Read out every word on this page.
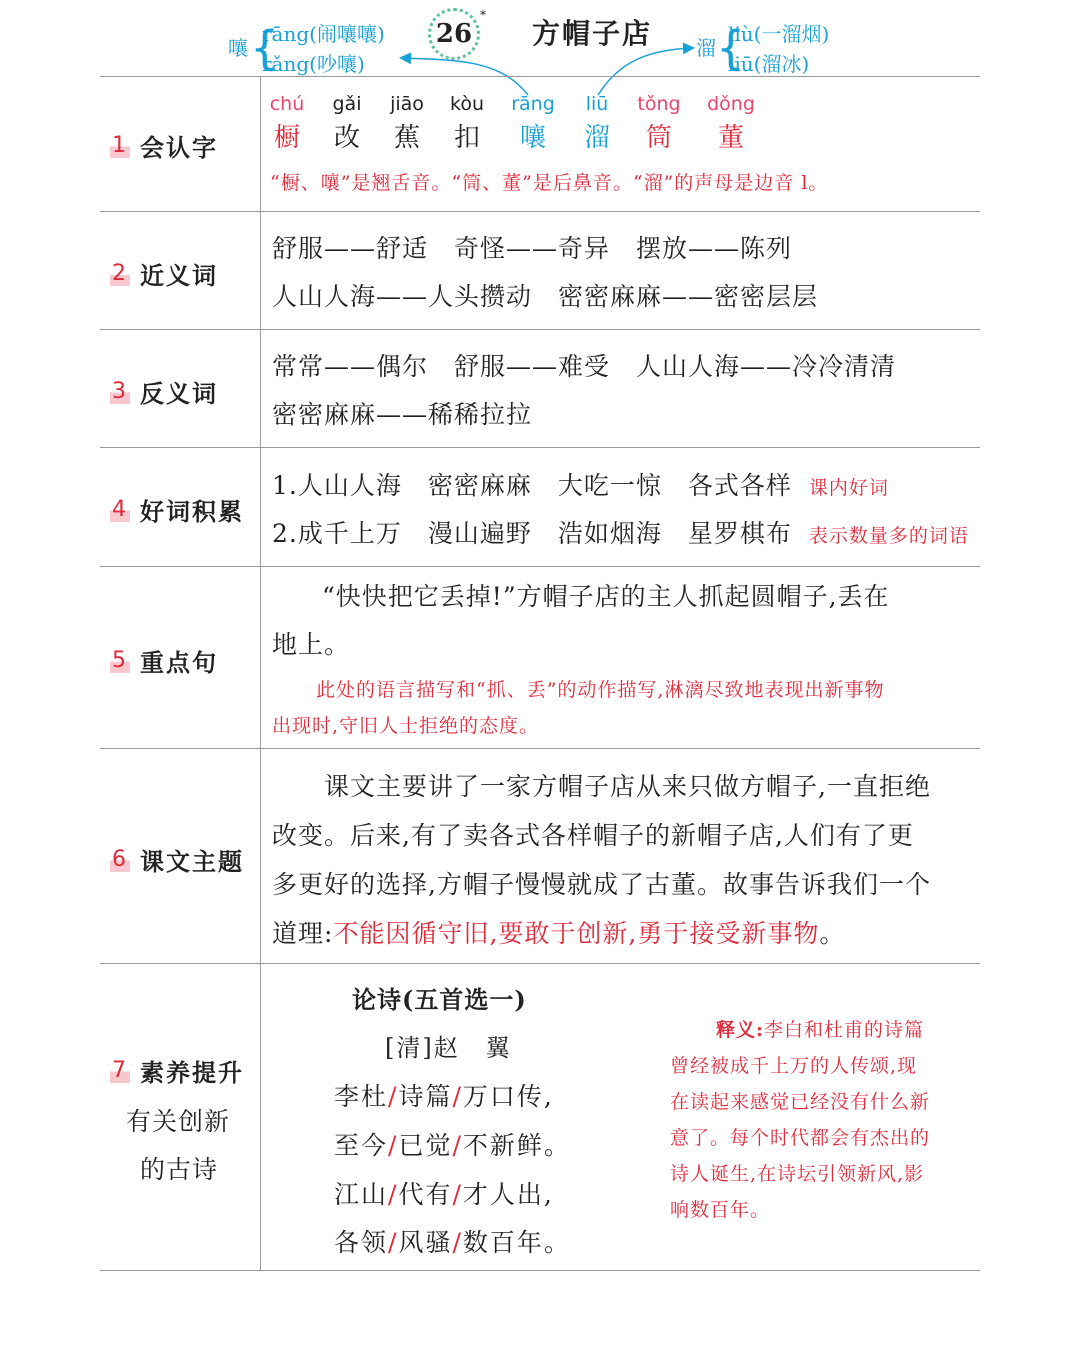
嚷 {
rāng(闹嚷嚷)
rǎng(吵嚷)
26
*
方帽子店 溜 {
liù(一溜烟)
liū(溜冰)
1 会认字
chú
橱
gǎi
改
jiāo
蕉
kòu
扣
rāng
嚷
liū
溜
tǒng
筒
dǒng
董
“橱、嚷”是翘舌音。“筒、董”是后鼻音。“溜”的声母是边音 l。
2 近义词
舒服——舒适　奇怪——奇异　摆放——陈列
人山人海——人头攒动　密密麻麻——密密层层
3 反义词
常常——偶尔　舒服——难受　人山人海——冷冷清清
密密麻麻——稀稀拉拉
4 好词积累
1.人山人海　密密麻麻　大吃一惊　各式各样 课内好词
2.成千上万　漫山遍野　浩如烟海　星罗棋布 表示数量多的词语
5 重点句
“快快把它丢掉!”方帽子店的主人抓起圆帽子,丢在
地上。
此处的语言描写和“抓、丢”的动作描写,淋漓尽致地表现出新事物
出现时,守旧人士拒绝的态度。
6 课文主题
课文主要讲了一家方帽子店从来只做方帽子,一直拒绝
改变。后来,有了卖各式各样帽子的新帽子店,人们有了更
多更好的选择,方帽子慢慢就成了古董。故事告诉我们一个
道理:不能因循守旧,要敢于创新,勇于接受新事物。
7 素养提升
有关创新
的古诗
论诗(五首选一)
[清]赵　翼
李杜/诗篇/万口传,
至今/已觉/不新鲜。
江山/代有/才人出,
各领/风骚/数百年。
释义:李白和杜甫的诗篇
曾经被成千上万的人传颂,现
在读起来感觉已经没有什么新
意了。每个时代都会有杰出的
诗人诞生,在诗坛引领新风,影
响数百年。
